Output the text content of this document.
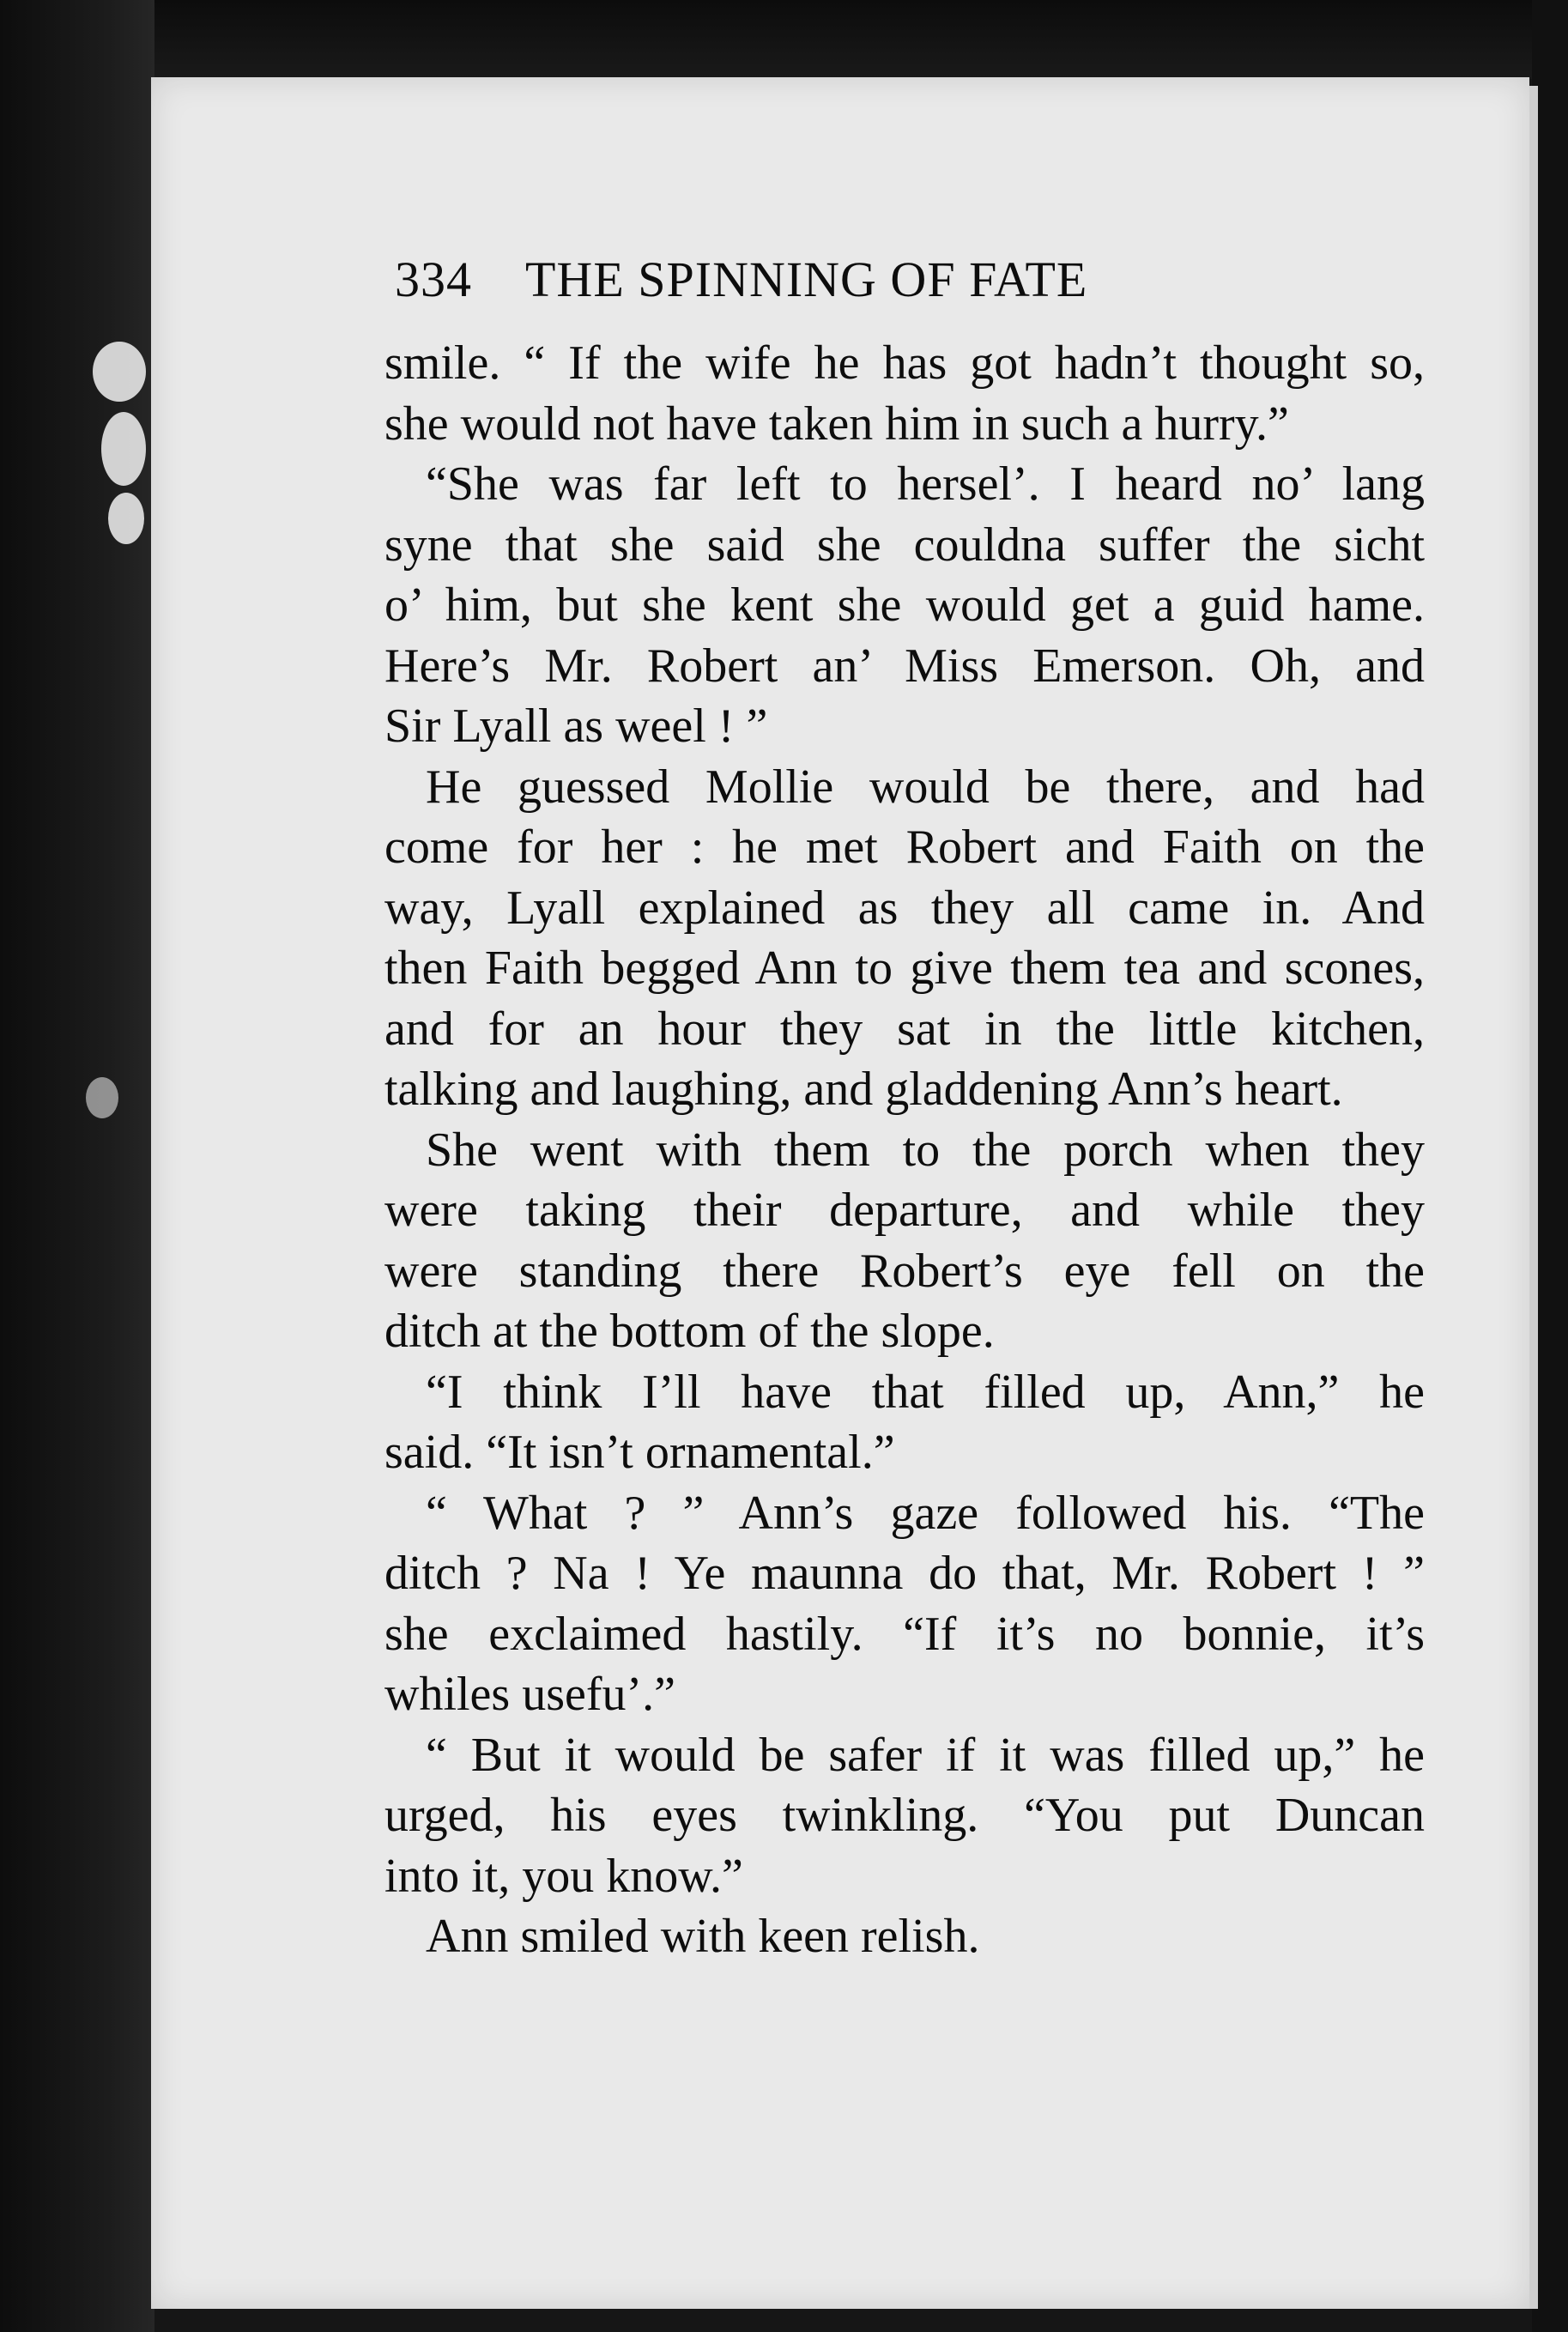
334 THE SPINNING OF FATE
smile. “ If the wife he has got hadn’t thought so,
she would not have taken him in such a hurry.”
“She was far left to hersel’. I heard no’ lang
syne that she said she couldna suffer the sicht
o’ him, but she kent she would get a guid hame.
Here’s Mr. Robert an’ Miss Emerson. Oh, and
Sir Lyall as weel ! ”
He guessed Mollie would be there, and had
come for her : he met Robert and Faith on the
way, Lyall explained as they all came in. And
then Faith begged Ann to give them tea and scones,
and for an hour they sat in the little kitchen,
talking and laughing, and gladdening Ann’s heart.
She went with them to the porch when they
were taking their departure, and while they
were standing there Robert’s eye fell on the
ditch at the bottom of the slope.
“I think I’ll have that filled up, Ann,” he
said. “It isn’t ornamental.”
“ What ? ” Ann’s gaze followed his. “The
ditch ? Na ! Ye maunna do that, Mr. Robert ! ”
she exclaimed hastily. “If it’s no bonnie, it’s
whiles usefu’.”
“ But it would be safer if it was filled up,” he
urged, his eyes twinkling. “You put Duncan
into it, you know.”
Ann smiled with keen relish.
